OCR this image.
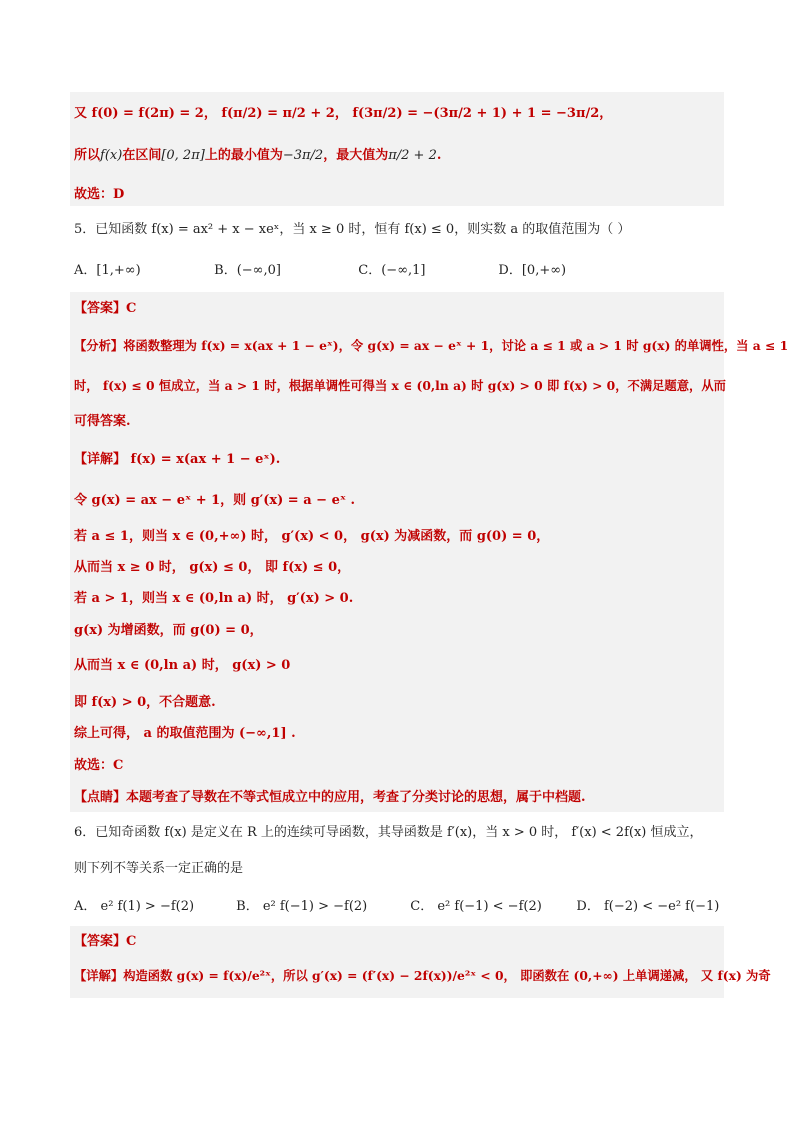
又 f(0) = f(2π) = 2， f(π/2) = π/2 + 2， f(3π/2) = −(3π/2 + 1) + 1 = −3π/2，
所以f(x)在区间[0, 2π]上的最小值为−3π/2，最大值为π/2 + 2.
故选：D
5．已知函数 f(x) = ax² + x − xeˣ，当 x ≥ 0 时，恒有 f(x) ≤ 0，则实数 a 的取值范围为（ ）
A．[1,+∞)	B．(−∞,0]	C．(−∞,1]	D．[0,+∞)
【答案】C
【分析】将函数整理为 f(x) = x(ax + 1 − eˣ)，令 g(x) = ax − eˣ + 1，讨论 a ≤ 1 或 a > 1 时 g(x) 的单调性，当 a ≤ 1
时， f(x) ≤ 0 恒成立，当 a > 1 时，根据单调性可得当 x ∈ (0,ln a) 时 g(x) > 0 即 f(x) > 0，不满足题意，从而
可得答案.
【详解】 f(x) = x(ax + 1 − eˣ).
令 g(x) = ax − eˣ + 1，则 g′(x) = a − eˣ .
若 a ≤ 1，则当 x ∈ (0,+∞) 时， g′(x) < 0， g(x) 为减函数，而 g(0) = 0，
从而当 x ≥ 0 时， g(x) ≤ 0， 即 f(x) ≤ 0，
若 a > 1，则当 x ∈ (0,ln a) 时， g′(x) > 0.
g(x) 为增函数，而 g(0) = 0，
从而当 x ∈ (0,ln a) 时， g(x) > 0
即 f(x) > 0，不合题意.
综上可得， a 的取值范围为 (−∞,1] .
故选：C
【点睛】本题考查了导数在不等式恒成立中的应用，考查了分类讨论的思想，属于中档题.
6．已知奇函数 f(x) 是定义在 R 上的连续可导函数，其导函数是 f′(x)，当 x > 0 时， f′(x) < 2f(x) 恒成立，
则下列不等关系一定正确的是
A． e² f(1) > −f(2)	B． e² f(−1) > −f(2)	C． e² f(−1) < −f(2)	D． f(−2) < −e² f(−1)
【答案】C
【详解】构造函数 g(x) = f(x)/e²ˣ，所以 g′(x) = (f′(x) − 2f(x))/e²ˣ < 0， 即函数在 (0,+∞) 上单调递减， 又 f(x) 为奇
